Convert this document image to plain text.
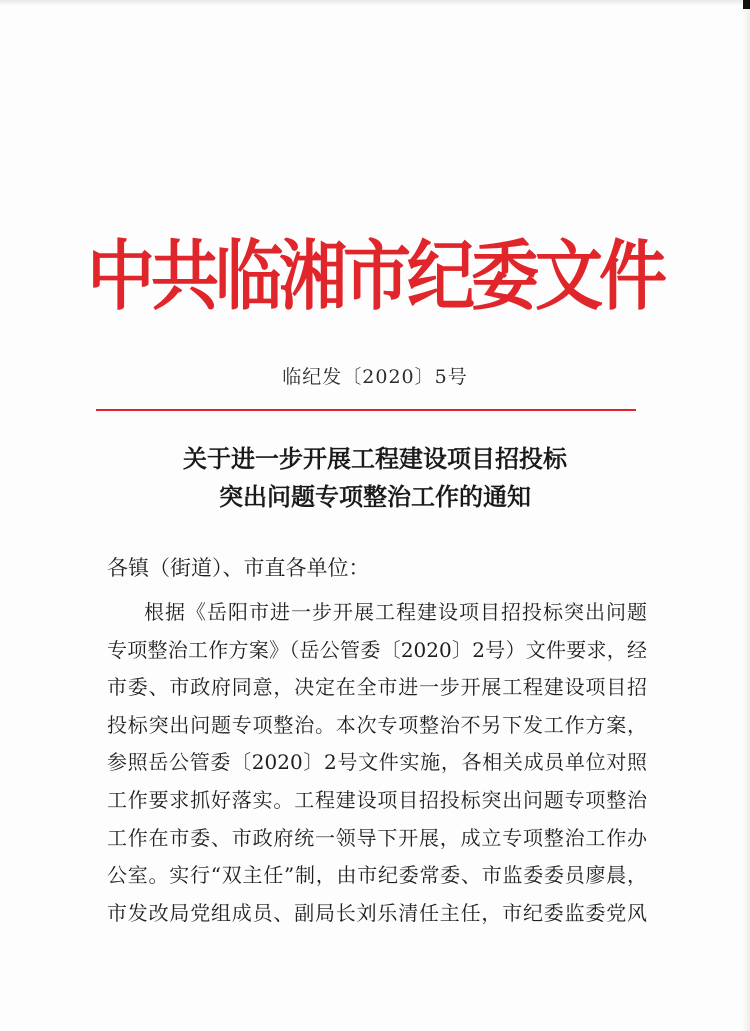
中共临湘市纪委文件
临纪发〔2020〕5号
关于进一步开展工程建设项目招投标
突出问题专项整治工作的通知
各镇（街道）、市直各单位：
根据《岳阳市进一步开展工程建设项目招投标突出问题
专项整治工作方案》（岳公管委〔2020〕2号）文件要求，经
市委、市政府同意，决定在全市进一步开展工程建设项目招
投标突出问题专项整治。本次专项整治不另下发工作方案，
参照岳公管委〔2020〕2号文件实施，各相关成员单位对照
工作要求抓好落实。工程建设项目招投标突出问题专项整治
工作在市委、市政府统一领导下开展，成立专项整治工作办
公室。实行“双主任”制，由市纪委常委、市监委委员廖晨，
市发改局党组成员、副局长刘乐清任主任，市纪委监委党风
